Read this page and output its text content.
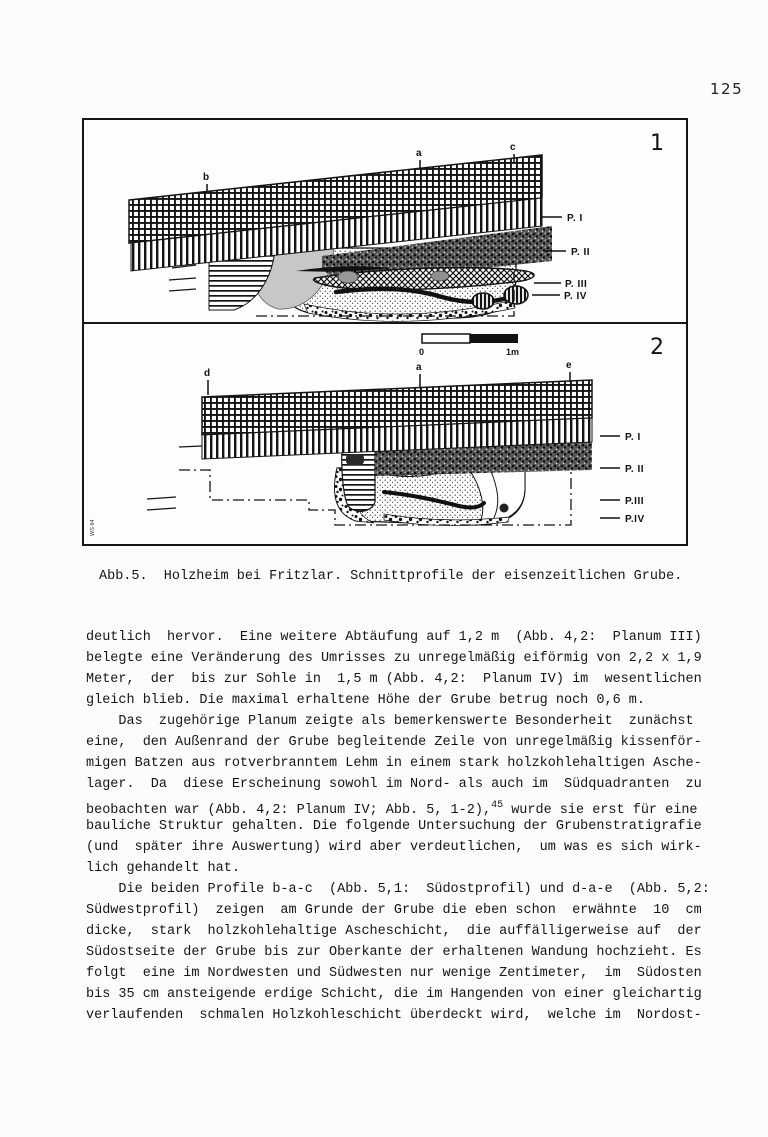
125
b
a
c
P. I
P. II
P. III
P. IV
1
0	1m
d
a	e
P. I
P. II
P.III
P.IV
WS 84
2
Abb.5.  Holzheim bei Fritzlar. Schnittprofile der eisenzeitlichen Grube.
deutlich  hervor.  Eine weitere Abtäufung auf 1,2 m  (Abb. 4,2:  Planum III)
belegte eine Veränderung des Umrisses zu unregelmäßig eiförmig von 2,2 x 1,9
Meter,  der  bis zur Sohle in  1,5 m (Abb. 4,2:  Planum IV) im  wesentlichen
gleich blieb. Die maximal erhaltene Höhe der Grube betrug noch 0,6 m.
Das  zugehörige Planum zeigte als bemerkenswerte Besonderheit  zunächst
eine,  den Außenrand der Grube begleitende Zeile von unregelmäßig kissenför-
migen Batzen aus rotverbranntem Lehm in einem stark holzkohlehaltigen Asche-
lager.  Da  diese Erscheinung sowohl im Nord- als auch im  Südquadranten  zu
beobachten war (Abb. 4,2: Planum IV; Abb. 5, 1-2),$^{45}$ wurde sie erst für eine
bauliche Struktur gehalten. Die folgende Untersuchung der Grubenstratigrafie
(und  später ihre Auswertung) wird aber verdeutlichen,  um was es sich wirk-
lich gehandelt hat.
Die beiden Profile b-a-c  (Abb. 5,1:  Südostprofil) und d-a-e  (Abb. 5,2:
Südwestprofil)  zeigen  am Grunde der Grube die eben schon  erwähnte  10  cm
dicke,  stark  holzkohlehaltige Ascheschicht,  die auffälligerweise auf  der
Südostseite der Grube bis zur Oberkante der erhaltenen Wandung hochzieht. Es
folgt  eine im Nordwesten und Südwesten nur wenige Zentimeter,  im  Südosten
bis 35 cm ansteigende erdige Schicht, die im Hangenden von einer gleichartig
verlaufenden  schmalen Holzkohleschicht überdeckt wird,  welche im  Nordost-
